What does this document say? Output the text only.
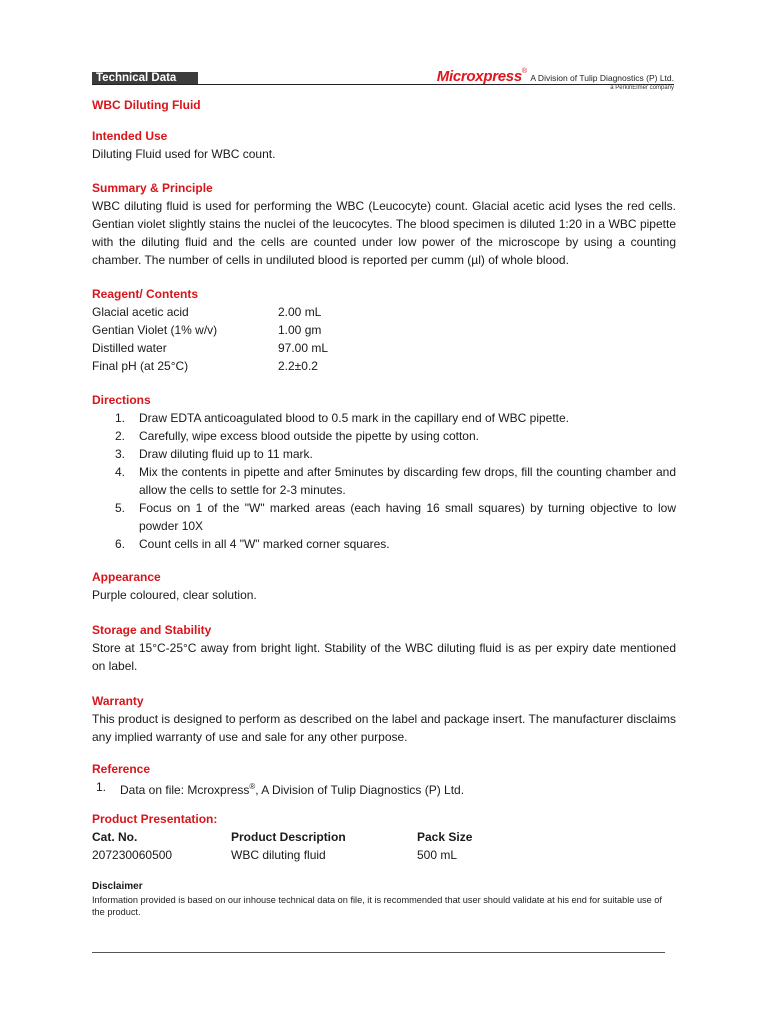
Technical Data	Microxpress® A Division of Tulip Diagnostics (P) Ltd.
a PerkinElmer company
WBC Diluting Fluid
Intended Use
Diluting Fluid used for WBC count.
Summary & Principle
WBC diluting fluid is used for performing the WBC (Leucocyte) count. Glacial acetic acid lyses the red cells. Gentian violet slightly stains the nuclei of the leucocytes. The blood specimen is diluted 1:20 in a WBC pipette with the diluting fluid and the cells are counted under low power of the microscope by using a counting chamber. The number of cells in undiluted blood is reported per cumm (µl) of whole blood.
Reagent/ Contents
Glacial acetic acid	2.00 mL
Gentian Violet (1% w/v)	1.00 gm
Distilled water	97.00 mL
Final pH (at 25°C)	2.2±0.2
Directions
1.	Draw EDTA anticoagulated blood to 0.5 mark in the capillary end of WBC pipette.
2.	Carefully, wipe excess blood outside the pipette by using cotton.
3.	Draw diluting fluid up to 11 mark.
4.	Mix the contents in pipette and after 5minutes by discarding few drops, fill the counting chamber and allow the cells to settle for 2-3 minutes.
5.	Focus on 1 of the "W" marked areas (each having 16 small squares) by turning objective to low powder 10X
6.	Count cells in all 4 "W" marked corner squares.
Appearance
Purple coloured, clear solution.
Storage and Stability
Store at 15°C-25°C away from bright light. Stability of the WBC diluting fluid is as per expiry date mentioned on label.
Warranty
This product is designed to perform as described on the label and package insert. The manufacturer disclaims any implied warranty of use and sale for any other purpose.
Reference
1.	Data on file: Mcroxpress®, A Division of Tulip Diagnostics (P) Ltd.
Product Presentation:
Cat. No.	Product Description	Pack Size
207230060500	WBC diluting fluid	500 mL
Disclaimer
Information provided is based on our inhouse technical data on file, it is recommended that user should validate at his end for suitable use of the product.
